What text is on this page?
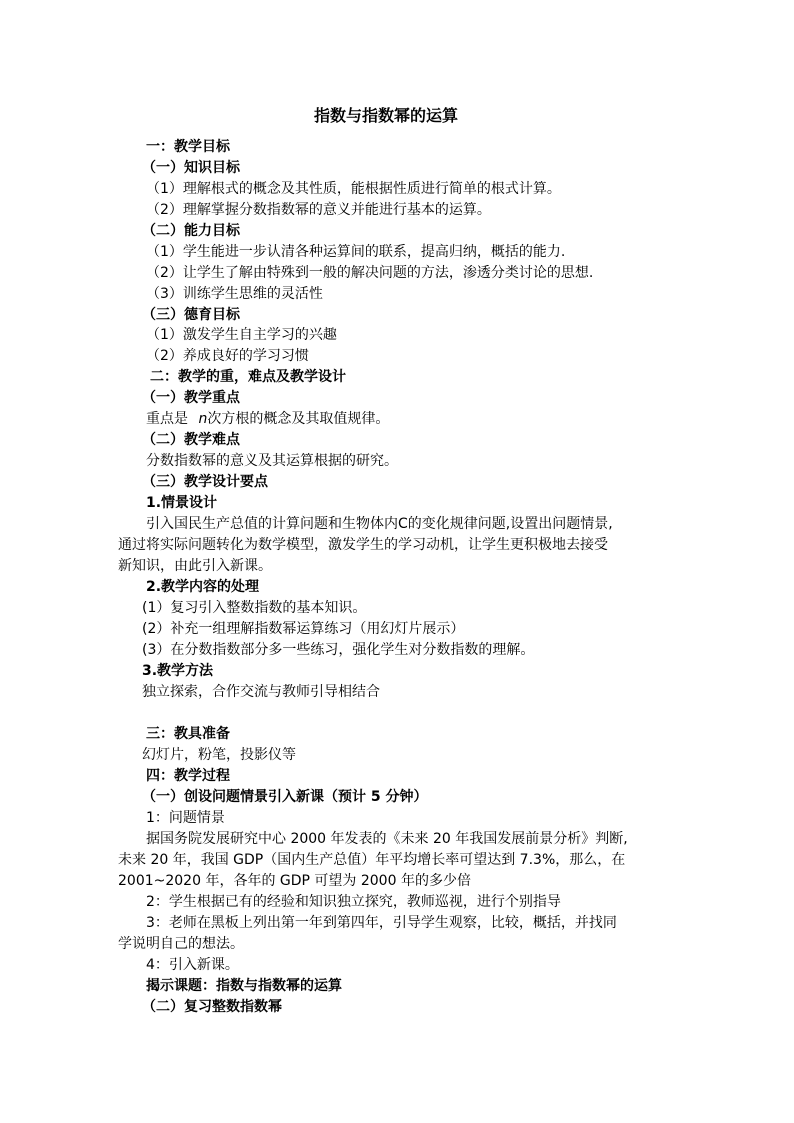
指数与指数幂的运算
一：教学目标
（一）知识目标
（1）理解根式的概念及其性质，能根据性质进行简单的根式计算。
（2）理解掌握分数指数幂的意义并能进行基本的运算。
（二）能力目标
（1）学生能进一步认清各种运算间的联系，提高归纳，概括的能力.
（2）让学生了解由特殊到一般的解决问题的方法，渗透分类讨论的思想.
（3）训练学生思维的灵活性
（三）德育目标
（1）激发学生自主学习的兴趣
（2）养成良好的学习习惯
二：教学的重，难点及教学设计
（一）教学重点
重点是 n次方根的概念及其取值规律。
（二）教学难点
分数指数幂的意义及其运算根据的研究。
（三）教学设计要点
1.情景设计
引入国民生产总值的计算问题和生物体内C的变化规律问题,设置出问题情景,
通过将实际问题转化为数学模型，激发学生的学习动机，让学生更积极地去接受
新知识，由此引入新课。
2.教学内容的处理
(1）复习引入整数指数的基本知识。
(2）补充一组理解指数幂运算练习（用幻灯片展示）
(3）在分数指数部分多一些练习，强化学生对分数指数的理解。
3.教学方法
独立探索，合作交流与教师引导相结合
三：教具准备
幻灯片，粉笔，投影仪等
四：教学过程
（一）创设问题情景引入新课（预计 5 分钟）
1：问题情景
据国务院发展研究中心 2000 年发表的《未来 20 年我国发展前景分析》判断,
未来 20 年，我国 GDP（国内生产总值）年平均增长率可望达到 7.3%，那么，在
2001~2020 年，各年的 GDP 可望为 2000 年的多少倍
2：学生根据已有的经验和知识独立探究，教师巡视，进行个别指导
3：老师在黑板上列出第一年到第四年，引导学生观察，比较，概括，并找同
学说明自己的想法。
4：引入新课。
揭示课题：指数与指数幂的运算
（二）复习整数指数幂
